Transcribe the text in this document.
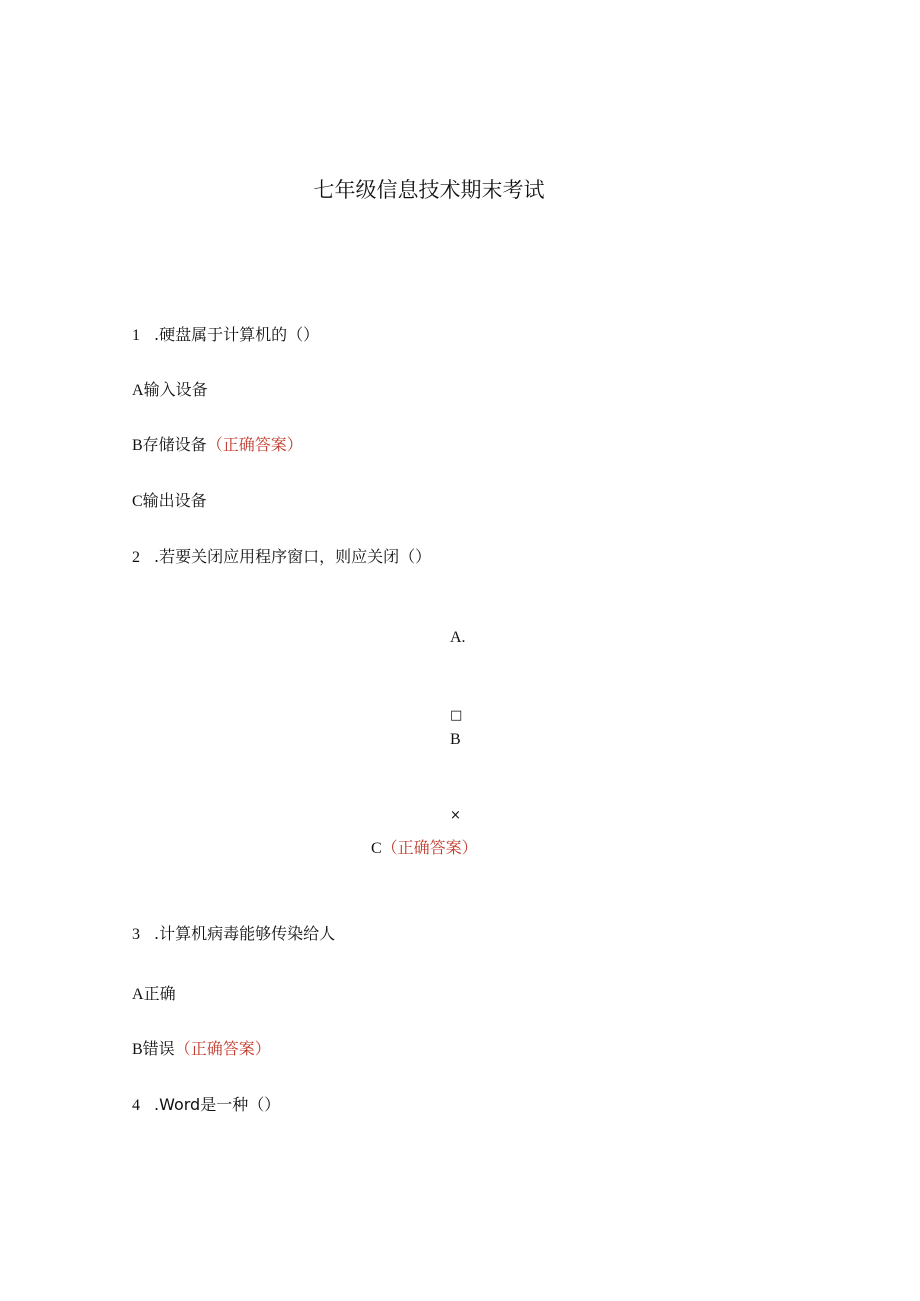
七年级信息技术期末考试
1 .硬盘属于计算机的（）
A输入设备
B存储设备（正确答案）
C输出设备
2 .若要关闭应用程序窗口，则应关闭（）
A.
□
B
×
C（正确答案）
3 .计算机病毒能够传染给人
A正确
B错误（正确答案）
4 .Word是一种（）
